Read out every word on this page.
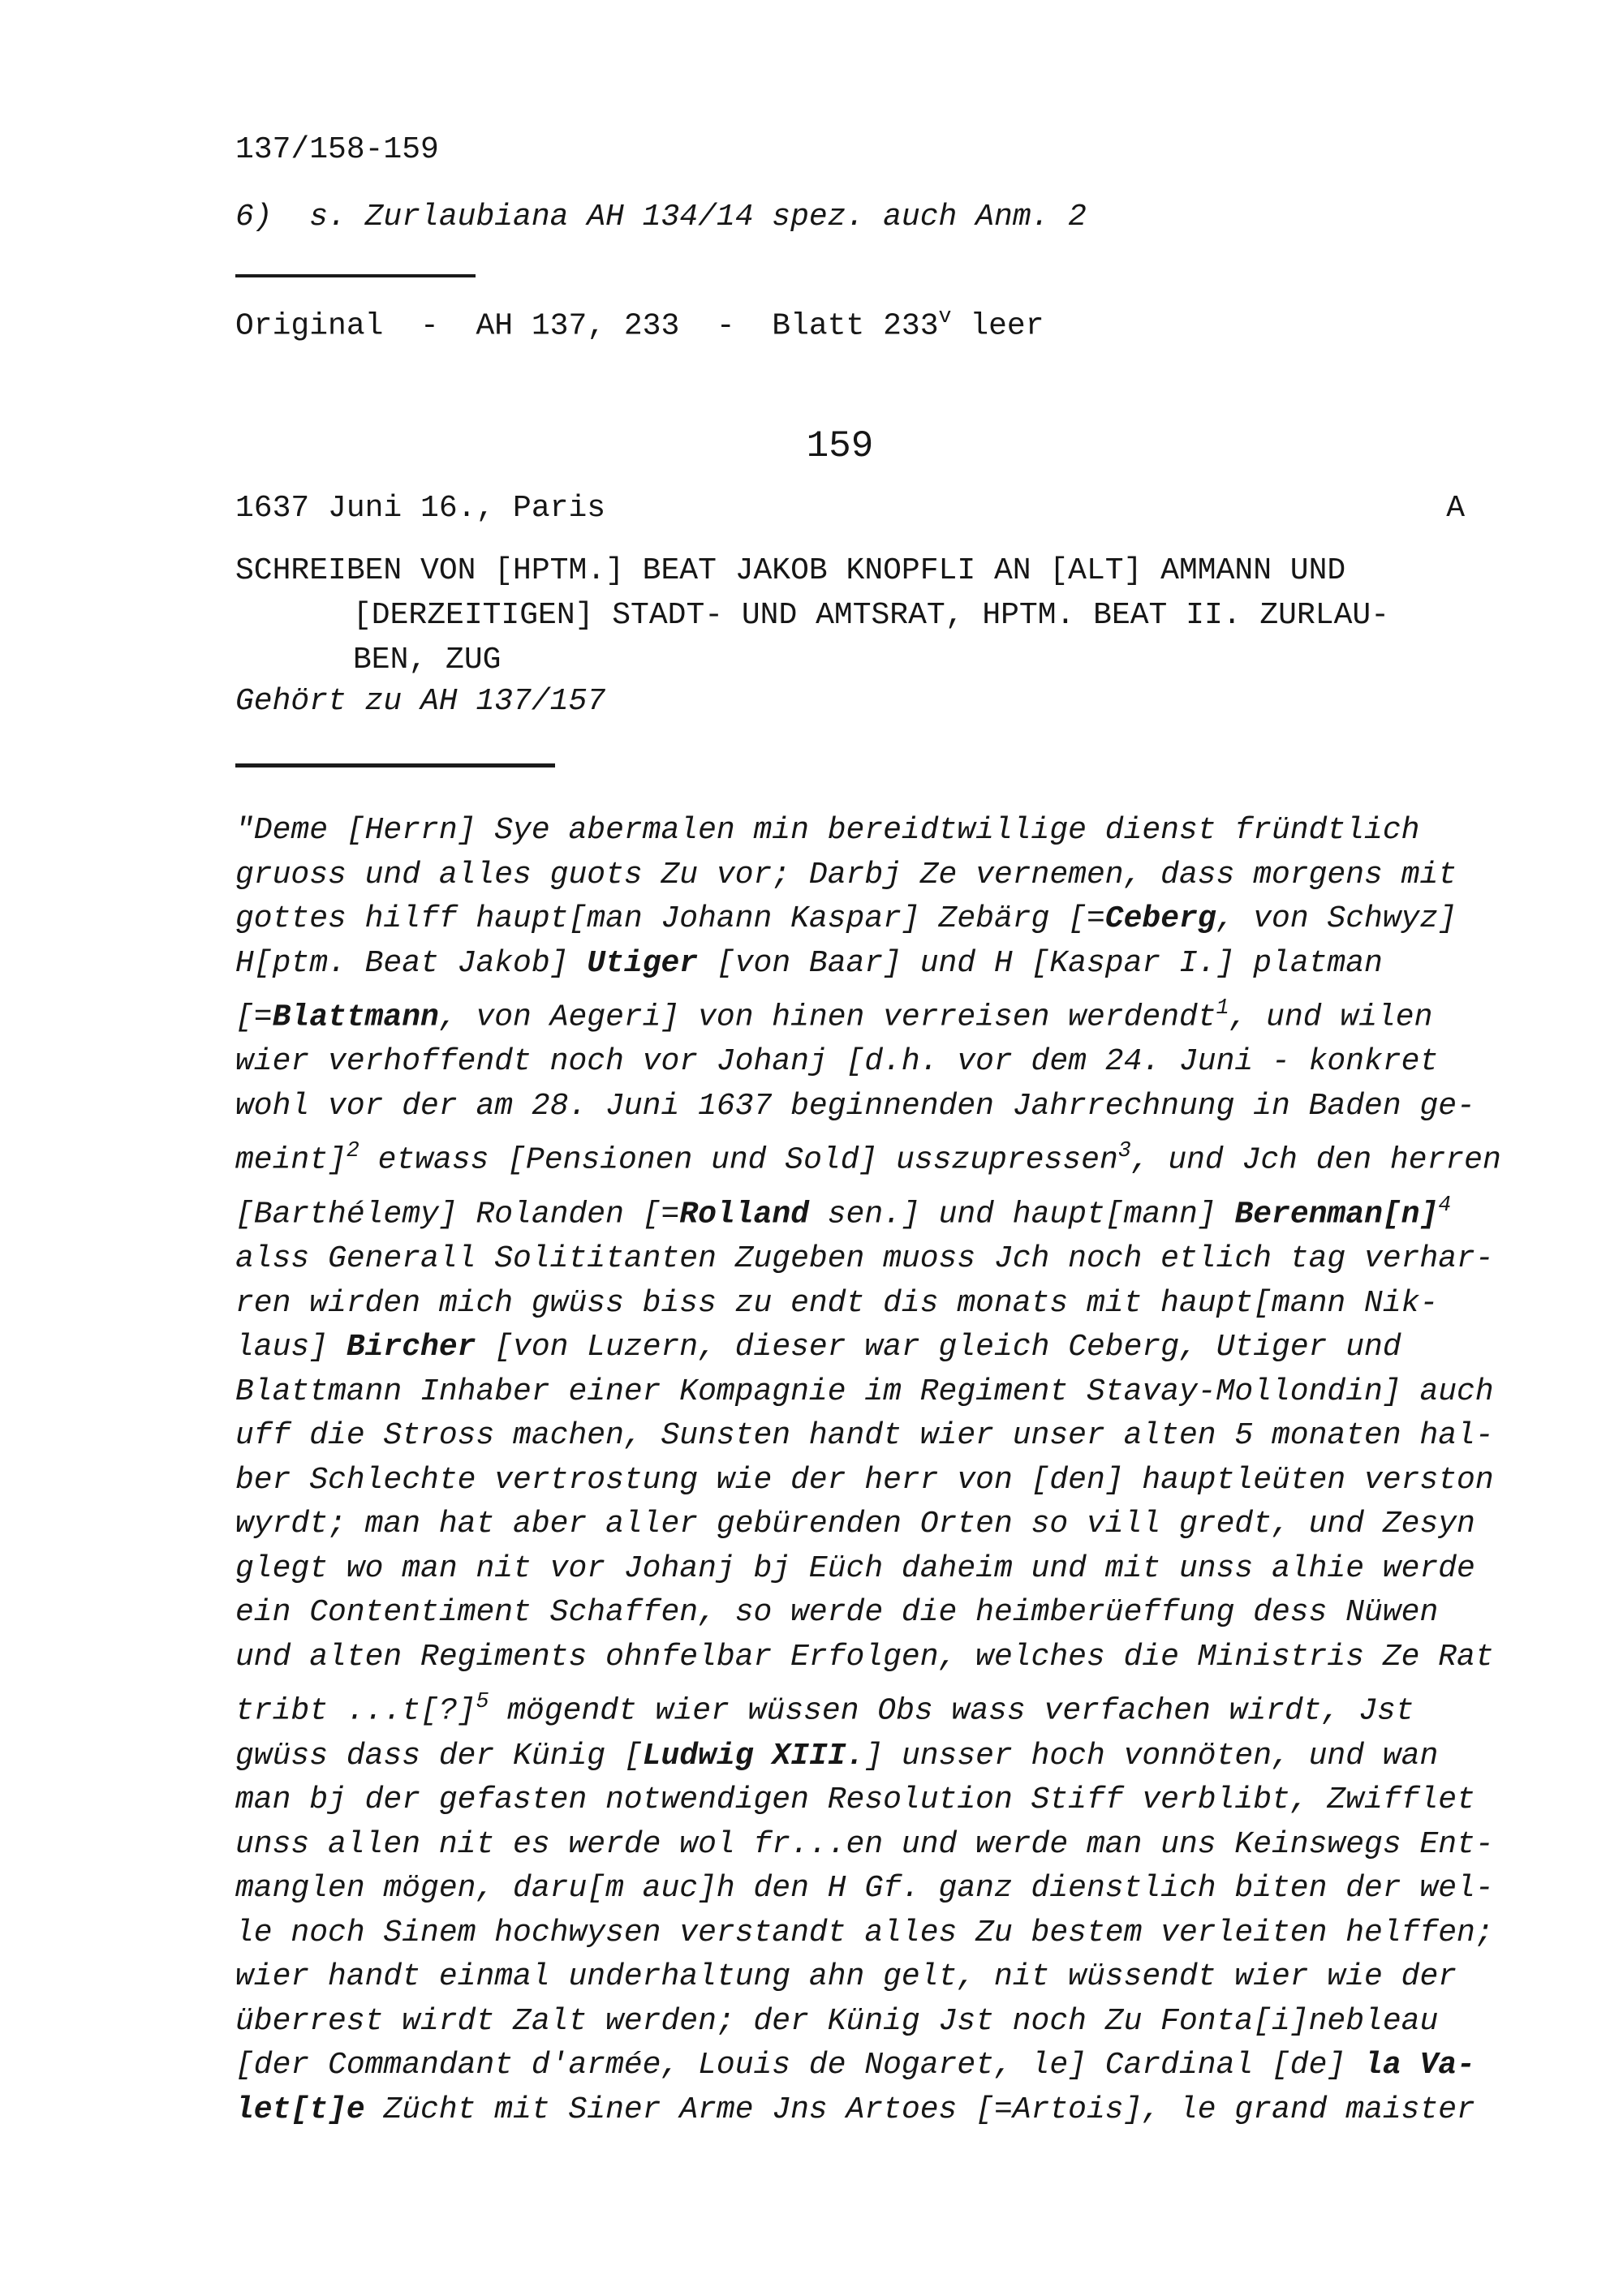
137/158-159
6)  s. Zurlaubiana AH 134/14 spez. auch Anm. 2
Original  -  AH 137, 233  -  Blatt 233$^v$ leer
159
1637 Juni 16., Paris	A
SCHREIBEN VON [HPTM.] BEAT JAKOB KNOPFLI AN [ALT] AMMANN UND
[DERZEITIGEN] STADT- UND AMTSRAT, HPTM. BEAT II. ZURLAU-
BEN, ZUG
Gehört zu AH 137/157
"Deme [Herrn] Sye abermalen min bereidtwillige dienst fründtlich
gruoss und alles guots Zu vor; Darbj Ze vernemen, dass morgens mit
gottes hilff haupt[man Johann Kaspar] Zebärg [=Ceberg, von Schwyz]
H[ptm. Beat Jakob] Utiger [von Baar] und H [Kaspar I.] platman
[=Blattmann, von Aegeri] von hinen verreisen werdendt$^1$, und wilen
wier verhoffendt noch vor Johanj [d.h. vor dem 24. Juni - konkret
wohl vor der am 28. Juni 1637 beginnenden Jahrrechnung in Baden ge-
meint]$^2$ etwass [Pensionen und Sold] usszupressen$^3$, und Jch den herren
[Barthélemy] Rolanden [=Rolland sen.] und haupt[mann] $Berenman[n]^4$
alss Generall Solititanten Zugeben muoss Jch noch etlich tag verhar-
ren wirden mich gwüss biss zu endt dis monats mit haupt[mann Nik-
laus] Bircher [von Luzern, dieser war gleich Ceberg, Utiger und
Blattmann Inhaber einer Kompagnie im Regiment Stavay-Mollondin] auch
uff die Stross machen, Sunsten handt wier unser alten 5 monaten hal-
ber Schlechte vertrostung wie der herr von [den] hauptleüten verston
wyrdt; man hat aber aller gebürenden Orten so vill gredt, und Zesyn
glegt wo man nit vor Johanj bj Eüch daheim und mit unss alhie werde
ein Contentiment Schaffen, so werde die heimberüeffung dess Nüwen
und alten Regiments ohnfelbar Erfolgen, welches die Ministris Ze Rat
tribt ...t[?]$^5$ mögendt wier wüssen Obs wass verfachen wirdt, Jst
gwüss dass der Künig [Ludwig XIII.] unsser hoch vonnöten, und wan
man bj der gefasten notwendigen Resolution Stiff verblibt, Zwifflet
unss allen nit es werde wol fr...en und werde man uns Keinswegs Ent-
manglen mögen, daru[m auc]h den H Gf. ganz dienstlich biten der wel-
le noch Sinem hochwysen verstandt alles Zu bestem verleiten helffen;
wier handt einmal underhaltung ahn gelt, nit wüssendt wier wie der
überrest wirdt Zalt werden; der Künig Jst noch Zu Fonta[i]nebleau
[der Commandant d'armée, Louis de Nogaret, le] Cardinal [de] la Va-
let[t]e Zücht mit Siner Arme Jns Artoes [=Artois], le grand maister
